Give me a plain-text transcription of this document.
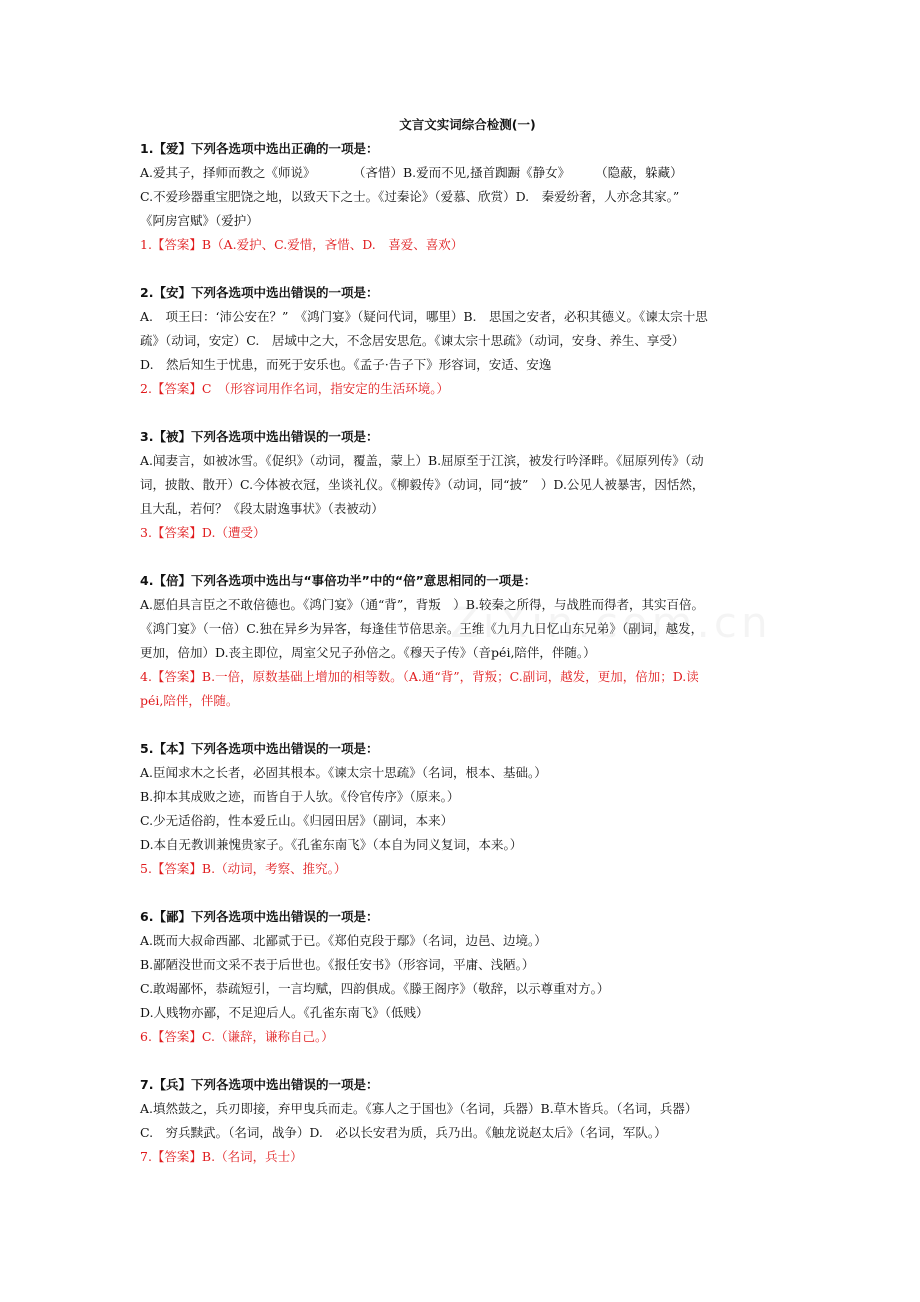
文言文实词综合检测(一)
1.【爱】下列各选项中选出正确的一项是：
A.爱其子，择师而教之《师说》　　　　（吝惜）B.爱而不见,搔首踟蹰《静女》　　　（隐蔽，躲藏）
C.不爱珍器重宝肥饶之地，以致天下之士。《过秦论》（爱慕、欣赏）D.　秦爱纷奢，人亦念其家。”
《阿房宫赋》（爱护）
1.【答案】B（A.爱护、C.爱惜，吝惜、D.　喜爱、喜欢）
2.【安】下列各选项中选出错误的一项是：
A.　项王曰：‘沛公安在？”　《鸿门宴》（疑问代词，哪里）B.　思国之安者，必积其德义。《谏太宗十思
疏》（动词，安定）C.　居域中之大，不念居安思危。《谏太宗十思疏》（动词，安身、养生、享受）
D.　然后知生于忧患，而死于安乐也。《孟子·告子下》形容词，安适、安逸
2.【答案】C　（形容词用作名词，指安定的生活环境。）
3.【被】下列各选项中选出错误的一项是：
A.闻妻言，如被冰雪。《促织》（动词，覆盖，蒙上）B.屈原至于江滨，被发行吟泽畔。《屈原列传》（动
词，披散、散开）C.今体被衣冠，坐谈礼仪。《柳毅传》（动词，同“披”　）D.公见人被暴害，因恬然，
且大乱，若何？《段太尉逸事状》（表被动）
3.【答案】D.（遭受）
4.【倍】下列各选项中选出与“事倍功半”中的“倍”意思相同的一项是：
A.愿伯具言臣之不敢倍德也。《鸿门宴》（通“背”，背叛　）B.较秦之所得，与战胜而得者，其实百倍。
《鸿门宴》（一倍）C.独在异乡为异客，每逢佳节倍思亲。王维《九月九日忆山东兄弟》（副词，越发，
更加，倍加）D.丧主即位，周室父兄子孙倍之。《穆天子传》（音péi,陪伴，伴随。）
4.【答案】B.一倍，原数基础上增加的相等数。（A.通“背”，背叛；C.副词，越发，更加，倍加；D.读
péi,陪伴，伴随。
5.【本】下列各选项中选出错误的一项是：
A.臣闻求木之长者，必固其根本。《谏太宗十思疏》（名词，根本、基础。）
B.抑本其成败之迹，而皆自于人欤。《伶官传序》（原来。）
C.少无适俗韵，性本爱丘山。《归园田居》（副词，本来）
D.本自无教训兼愧贵家子。《孔雀东南飞》（本自为同义复词，本来。）
5.【答案】B.（动词，考察、推究。）
6.【鄙】下列各选项中选出错误的一项是：
A.既而大叔命西鄙、北鄙贰于已。《郑伯克段于鄢》（名词，边邑、边境。）
B.鄙陋没世而文采不表于后世也。《报任安书》（形容词，平庸、浅陋。）
C.敢竭鄙怀，恭疏短引，一言均赋，四韵俱成。《滕王阁序》（敬辞，以示尊重对方。）
D.人贱物亦鄙，不足迎后人。《孔雀东南飞》（低贱）
6.【答案】C.（谦辞，谦称自己。）
7.【兵】下列各选项中选出错误的一项是：
A.填然鼓之，兵刃即接，弃甲曳兵而走。《寡人之于国也》（名词，兵器）B.草木皆兵。（名词，兵器）
C.　穷兵黩武。（名词，战争）D.　必以长安君为质，兵乃出。《触龙说赵太后》（名词，军队。）
7.【答案】B.（名词，兵士）
